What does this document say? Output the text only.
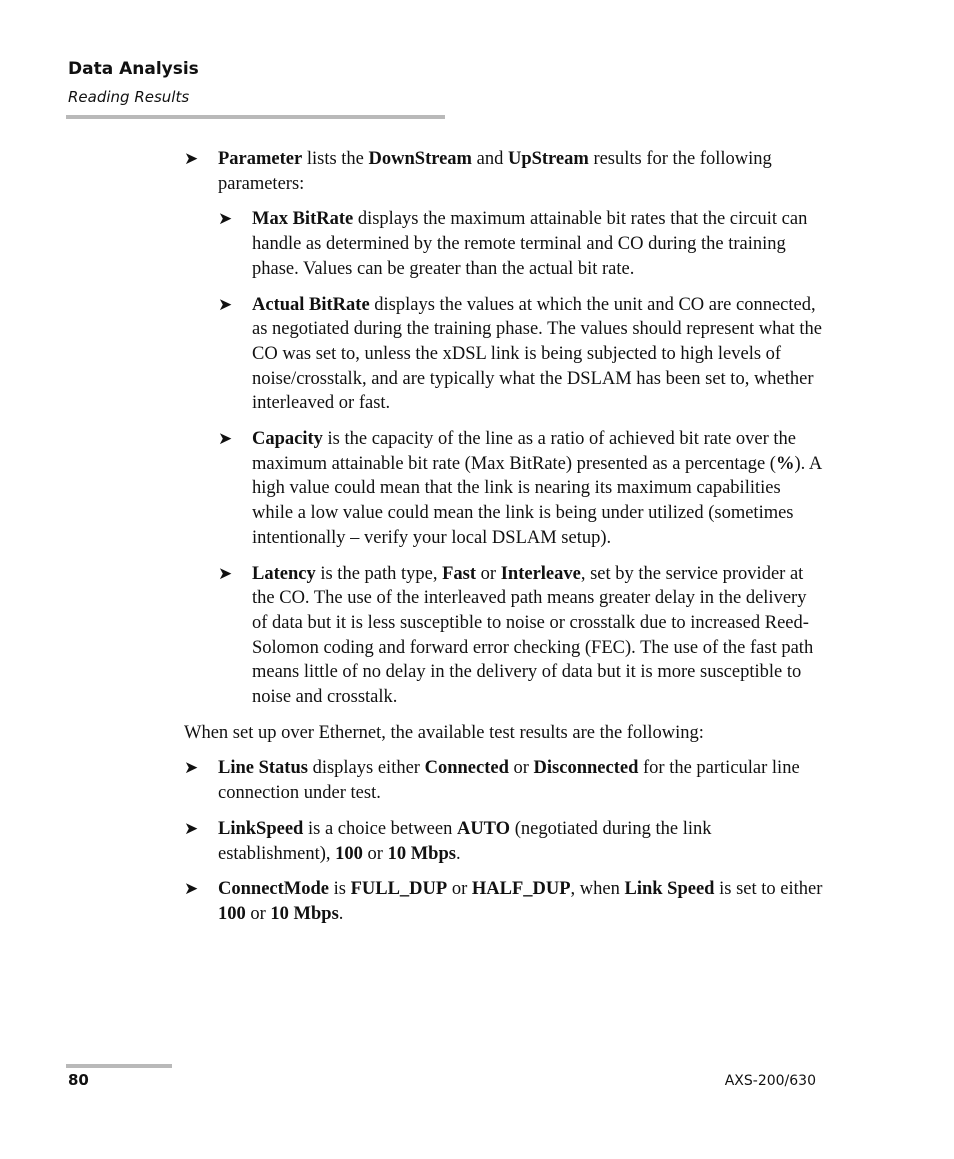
Data Analysis
Reading Results
➤ Parameter lists the DownStream and UpStream results for the following parameters:
➤ Max BitRate displays the maximum attainable bit rates that the circuit can handle as determined by the remote terminal and CO during the training phase. Values can be greater than the actual bit rate.
➤ Actual BitRate displays the values at which the unit and CO are connected, as negotiated during the training phase. The values should represent what the CO was set to, unless the xDSL link is being subjected to high levels of noise/crosstalk, and are typically what the DSLAM has been set to, whether interleaved or fast.
➤ Capacity is the capacity of the line as a ratio of achieved bit rate over the maximum attainable bit rate (Max BitRate) presented as a percentage (%). A high value could mean that the link is nearing its maximum capabilities while a low value could mean the link is being under utilized (sometimes intentionally – verify your local DSLAM setup).
➤ Latency is the path type, Fast or Interleave, set by the service provider at the CO. The use of the interleaved path means greater delay in the delivery of data but it is less susceptible to noise or crosstalk due to increased Reed-Solomon coding and forward error checking (FEC). The use of the fast path means little of no delay in the delivery of data but it is more susceptible to noise and crosstalk.
When set up over Ethernet, the available test results are the following:
➤ Line Status displays either Connected or Disconnected for the particular line connection under test.
➤ LinkSpeed is a choice between AUTO (negotiated during the link establishment), 100 or 10 Mbps.
➤ ConnectMode is FULL_DUP or HALF_DUP, when Link Speed is set to either 100 or 10 Mbps.
80	AXS-200/630
